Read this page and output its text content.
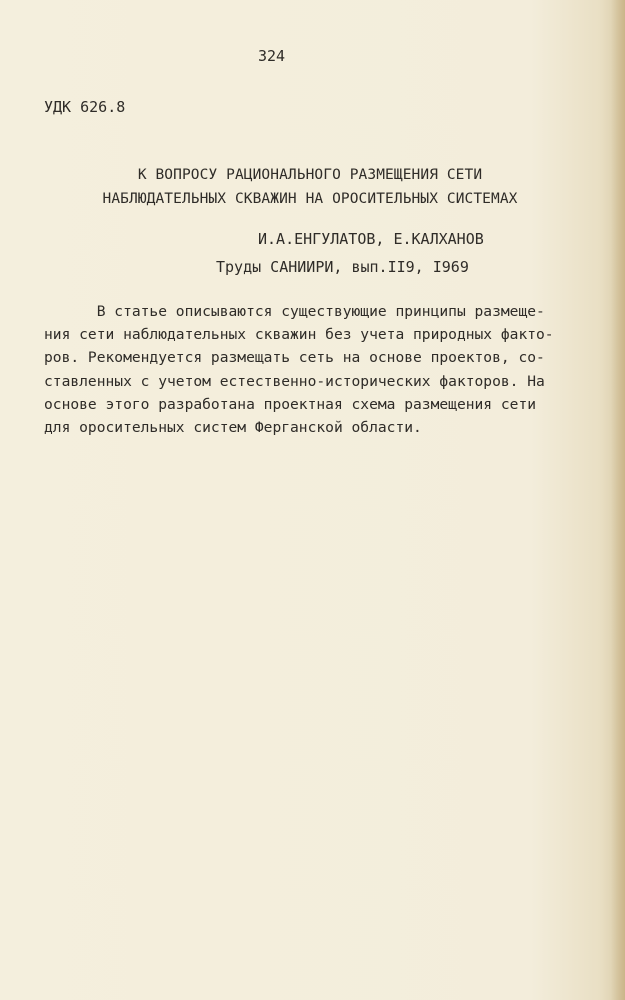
324
УДК 626.8
К ВОПРОСУ РАЦИОНАЛЬНОГО РАЗМЕЩЕНИЯ СЕТИ
НАБЛЮДАТЕЛЬНЫХ СКВАЖИН НА ОРОСИТЕЛЬНЫХ СИСТЕМАХ
И.А.ЕНГУЛАТОВ, Е.КАЛХАНОВ
Труды САНИИРИ, вып.II9, I969
В статье описываются существующие принципы размеще-
ния сети наблюдательных скважин без учета природных факто-
ров. Рекомендуется размещать сеть на основе проектов, со-
ставленных с учетом естественно-исторических факторов. На
основе этого разработана проектная схема размещения сети
для оросительных систем Ферганской области.
